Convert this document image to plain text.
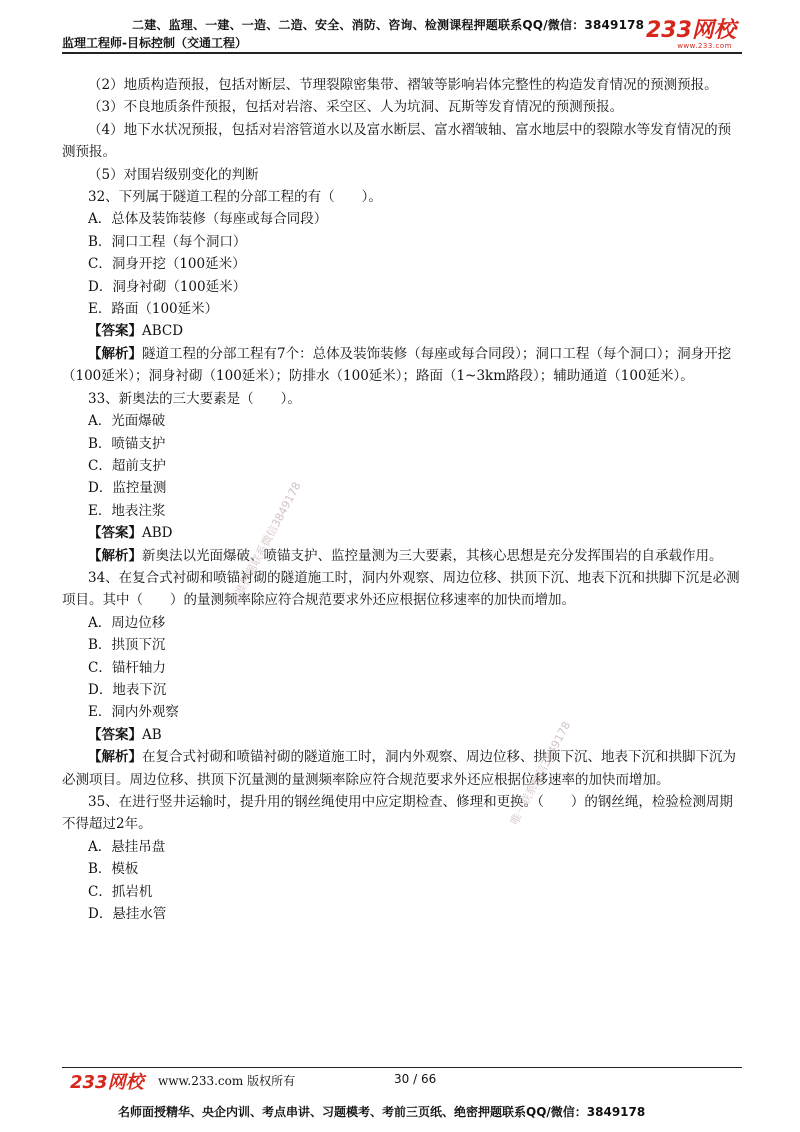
二建、监理、一建、一造、二造、安全、消防、咨询、检测课程押题联系QQ/微信：3849178
监理工程师-目标控制（交通工程）	233网校
www.233.com

（2）地质构造预报，包括对断层、节理裂隙密集带、褶皱等影响岩体完整性的构造发育情况的预测预报。

（3）不良地质条件预报，包括对岩溶、采空区、人为坑洞、瓦斯等发育情况的预测预报。

（4）地下水状况预报，包括对岩溶管道水以及富水断层、富水褶皱轴、富水地层中的裂隙水等发育情况的预测预报。

（5）对围岩级别变化的判断

32、下列属于隧道工程的分部工程的有（　　）。

A．总体及装饰装修（每座或每合同段）

B．洞口工程（每个洞口）

C．洞身开挖（100延米）

D．洞身衬砌（100延米）

E．路面（100延米）

【答案】ABCD

【解析】隧道工程的分部工程有7个：总体及装饰装修（每座或每合同段）；洞口工程（每个洞口）；洞身开挖（100延米）；洞身衬砌（100延米）；防排水（100延米）；路面（1~3km路段）；辅助通道（100延米）。

33、新奥法的三大要素是（　　）。

A．光面爆破

B．喷锚支护

C．超前支护

D．监控量测

E．地表注浆

【答案】ABD

【解析】新奥法以光面爆破、喷锚支护、监控量测为三大要素，其核心思想是充分发挥围岩的自承载作用。

34、在复合式衬砌和喷锚衬砌的隧道施工时，洞内外观察、周边位移、拱顶下沉、地表下沉和拱脚下沉是必测项目。其中（　　）的量测频率除应符合规范要求外还应根据位移速率的加快而增加。

A．周边位移

B．拱顶下沉

C．锚杆轴力

D．地表下沉

E．洞内外观察

【答案】AB

【解析】在复合式衬砌和喷锚衬砌的隧道施工时，洞内外观察、周边位移、拱顶下沉、地表下沉和拱脚下沉为必测项目。周边位移、拱顶下沉量测的量测频率除应符合规范要求外还应根据位移速率的加快而增加。

35、在进行竖井运输时，提升用的钢丝绳使用中应定期检查、修理和更换。（　　）的钢丝绳，检验检测周期不得超过2年。

A．悬挂吊盘

B．模板

C．抓岩机

D．悬挂水管

精准押题联系微信3849178
唯一联系微信3849178
233网校 www.233.com 版权所有	30 / 66
名师面授精华、央企内训、考点串讲、习题模考、考前三页纸、绝密押题联系QQ/微信：3849178
